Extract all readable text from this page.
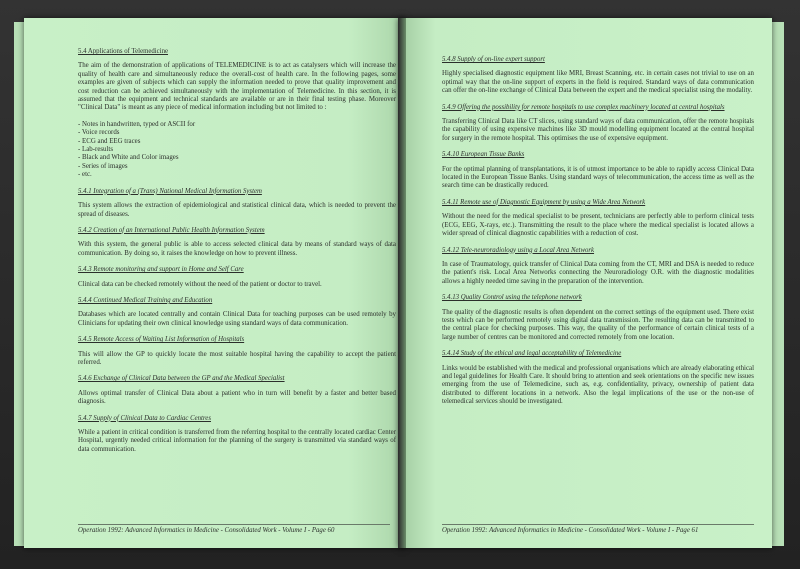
5.4 Applications of Telemedicine

The aim of the demonstration of applications of TELEMEDICINE is to act as catalysers which will increase the quality of health care and simultaneously reduce the overall-cost of health care. In the following pages, some examples are given of subjects which can supply the information needed to prove that quality improvement and cost reduction can be achieved simultaneously with the implementation of Telemedicine. In this section, it is assumed that the equipment and technical standards are available or are in their final testing phase. Moreover "Clinical Data" is meant as any piece of medical information including but not limited to :

- Notes in handwritten, typed or ASCII for
- Voice records
- ECG and EEG traces
- Lab-results
- Black and White and Color images
- Series of images
- etc.
5.4.1 Integration of a (Trans) National Medical Information System

This system allows the extraction of epidemiological and statistical clinical data, which is needed to prevent the spread of diseases.

5.4.2 Creation of an International Public Health Information System

With this system, the general public is able to access selected clinical data by means of standard ways of data communication. By doing so, it raises the knowledge on how to prevent illness.

5.4.3 Remote monitoring and support in Home and Self Care

Clinical data can be checked remotely without the need of the patient or doctor to travel.

5.4.4 Continued Medical Training and Education

Databases which are located centrally and contain Clinical Data for teaching purposes can be used remotely by Clinicians for updating their own clinical knowledge using standard ways of data communication.

5.4.5 Remote Access of Waiting List Information of Hospitals

This will allow the GP to quickly locate the most suitable hospital having the capability to accept the patient referred.

5.4.6 Exchange of Clinical Data between the GP and the Medical Specialist

Allows optimal transfer of Clinical Data about a patient who in turn will benefit by a faster and better based diagnosis.

5.4.7 Supply of Clinical Data to Cardiac Centres

While a patient in critical condition is transferred from the referring hospital to the centrally located cardiac Center Hospital, urgently needed critical information for the planning of the surgery is transmitted via standard ways of data communication.

Operation 1992: Advanced Informatics in Medicine - Consolidated Work - Volume I - Page 60
5.4.8 Supply of on-line expert support

Highly specialised diagnostic equipment like MRI, Breast Scanning, etc. in certain cases not trivial to use on an optimal way that the on-line support of experts in the field is required. Standard ways of data communication can offer the on-line exchange of Clinical Data between the expert and the medical specialist using the modality.

5.4.9 Offering the possibility for remote hospitals to use complex machinery located at central hospitals

Transferring Clinical Data like CT slices, using standard ways of data communication, offer the remote hospitals the capability of using expensive machines like 3D mould modelling equipment located at the central hospital for surgery in the remote hospital. This optimises the use of expensive equipment.

5.4.10 European Tissue Banks

For the optimal planning of transplantations, it is of utmost importance to be able to rapidly access Clinical Data located in the European Tissue Banks. Using standard ways of telecommunication, the access time as well as the search time can be drastically reduced.

5.4.11 Remote use of Diagnostic Equipment by using a Wide Area Network

Without the need for the medical specialist to be present, technicians are perfectly able to perform clinical tests (ECG, EEG, X-rays, etc.). Transmitting the result to the place where the medical specialist is located allows a wider spread of clinical diagnostic capabilities with a reduction of cost.

5.4.12 Tele-neuroradiology using a Local Area Network

In case of Traumatology, quick transfer of Clinical Data coming from the CT, MRI and DSA is needed to reduce the patient's risk. Local Area Networks connecting the Neuroradiology O.R. with the diagnostic modalities allows a highly needed time saving in the preparation of the intervention.

5.4.13 Quality Control using the telephone network

The quality of the diagnostic results is often dependent on the correct settings of the equipment used. There exist tests which can be performed remotely using digital data transmission. The resulting data can be transmitted to the central place for checking purposes. This way, the quality of the performance of certain clinical tests of a large number of centres can be monitored and corrected remotely from one location.

5.4.14 Study of the ethical and legal acceptability of Telemedicine

Links would be established with the medical and professional organisations which are already elaborating ethical and legal guidelines for Health Care. It should bring to attention and seek orientations on the specific new issues emerging from the use of Telemedicine, such as, e.g. confidentiality, privacy, ownership of patient data distributed to different locations in a network. Also the legal implications of the use or the non-use of telemedical services should be investigated.

Operation 1992: Advanced Informatics in Medicine - Consolidated Work - Volume I - Page 61
